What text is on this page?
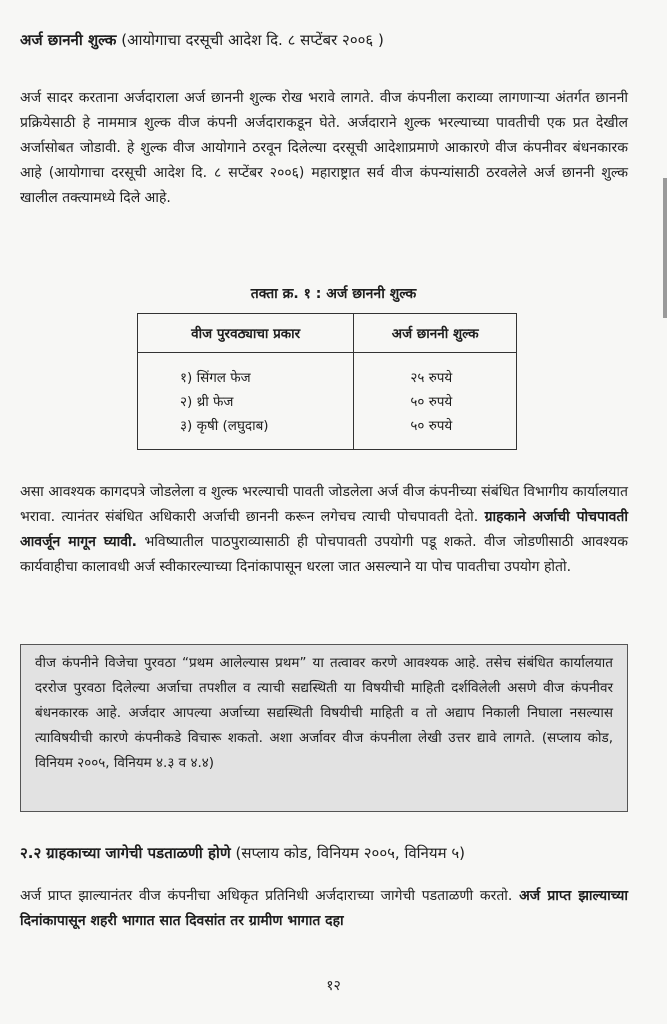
अर्ज छाननी शुल्क (आयोगाचा दरसूची आदेश दि. ८ सप्टेंबर २००६ )

अर्ज सादर करताना अर्जदाराला अर्ज छाननी शुल्क रोख भरावे लागते. वीज कंपनीला कराव्या लागणाऱ्या अंतर्गत छाननी प्रक्रियेसाठी हे नाममात्र शुल्क वीज कंपनी अर्जदाराकडून घेते. अर्जदाराने शुल्क भरल्याच्या पावतीची एक प्रत देखील अर्जासोबत जोडावी. हे शुल्क वीज आयोगाने ठरवून दिलेल्या दरसूची आदेशाप्रमाणे आकारणे वीज कंपनीवर बंधनकारक आहे (आयोगाचा दरसूची आदेश दि. ८ सप्टेंबर २००६) महाराष्ट्रात सर्व वीज कंपन्यांसाठी ठरवलेले अर्ज छाननी शुल्क खालील तक्त्यामध्ये दिले आहे.

तक्ता क्र. १ : अर्ज छाननी शुल्क
वीज पुरवठ्याचा प्रकार	अर्ज छाननी शुल्क

१) सिंगल फेज	२५ रुपये
२) थ्री फेज	५० रुपये
३) कृषी (लघुदाब)	५० रुपये

असा आवश्यक कागदपत्रे जोडलेला व शुल्क भरल्याची पावती जोडलेला अर्ज वीज कंपनीच्या संबंधित विभागीय कार्यालयात भरावा. त्यानंतर संबंधित अधिकारी अर्जाची छाननी करून लगेचच त्याची पोचपावती देतो. ग्राहकाने अर्जाची पोचपावती आवर्जून मागून घ्यावी. भविष्यातील पाठपुराव्यासाठी ही पोचपावती उपयोगी पडू शकते. वीज जोडणीसाठी आवश्यक कार्यवाहीचा कालावधी अर्ज स्वीकारल्याच्या दिनांकापासून धरला जात असल्याने या पोच पावतीचा उपयोग होतो.

वीज कंपनीने विजेचा पुरवठा “प्रथम आलेल्यास प्रथम” या तत्वावर करणे आवश्यक आहे. तसेच संबंधित कार्यालयात दररोज पुरवठा दिलेल्या अर्जाचा तपशील व त्याची सद्यस्थिती या विषयीची माहिती दर्शविलेली असणे वीज कंपनीवर बंधनकारक आहे. अर्जदार आपल्या अर्जाच्या सद्यस्थिती विषयीची माहिती व तो अद्याप निकाली निघाला नसल्यास त्याविषयीची कारणे कंपनीकडे विचारू शकतो. अशा अर्जावर वीज कंपनीला लेखी उत्तर द्यावे लागते. (सप्लाय कोड, विनियम २००५, विनियम ४.३ व ४.४)

२.२ ग्राहकाच्या जागेची पडताळणी होणे (सप्लाय कोड, विनियम २००५, विनियम ५)

अर्ज प्राप्त झाल्यानंतर वीज कंपनीचा अधिकृत प्रतिनिधी अर्जदाराच्या जागेची पडताळणी करतो. अर्ज प्राप्त झाल्याच्या दिनांकापासून शहरी भागात सात दिवसांत तर ग्रामीण भागात दहा

१२
